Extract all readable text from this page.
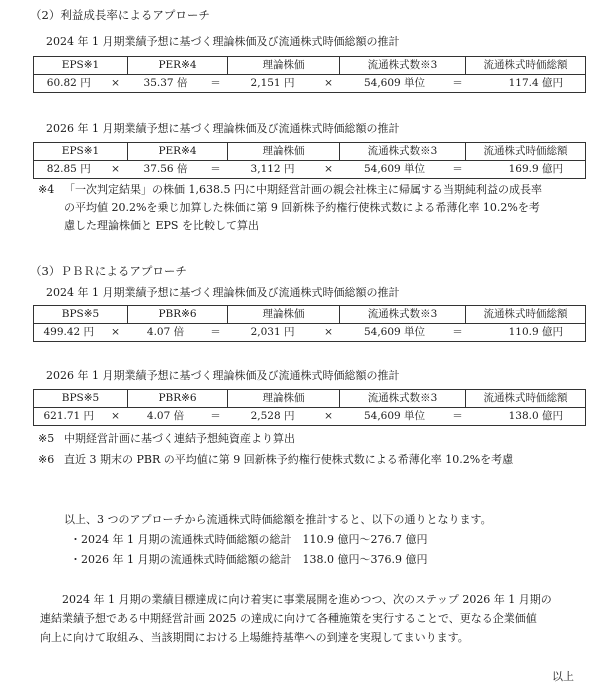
（2）利益成長率によるアプローチ
2024 年 1 月期業績予想に基づく理論株価及び流通株式時価総額の推計
EPS※1		PER※4		理論株価		流通株式数※3		流通株式時価総額
60.82 円	×	35.37 倍	＝	2,151 円	×	54,609 単位	＝	117.4 億円
2026 年 1 月期業績予想に基づく理論株価及び流通株式時価総額の推計
EPS※1		PER※4		理論株価		流通株式数※3		流通株式時価総額
82.85 円	×	37.56 倍	＝	3,112 円	×	54,609 単位	＝	169.9 億円
※4 「一次判定結果」の株価 1,638.5 円に中期経営計画の親会社株主に帰属する当期純利益の成長率
の平均値 20.2%を乗じ加算した株価に第 9 回新株予約権行使株式数による希薄化率 10.2%を考
慮した理論株価と EPS を比較して算出
（3）ＰＢＲによるアプローチ
2024 年 1 月期業績予想に基づく理論株価及び流通株式時価総額の推計
BPS※5		PBR※6		理論株価		流通株式数※3		流通株式時価総額
499.42 円	×	4.07 倍	＝	2,031 円	×	54,609 単位	＝	110.9 億円
2026 年 1 月期業績予想に基づく理論株価及び流通株式時価総額の推計
BPS※5		PBR※6		理論株価		流通株式数※3		流通株式時価総額
621.71 円	×	4.07 倍	＝	2,528 円	×	54,609 単位	＝	138.0 億円
※5 中期経営計画に基づく連結予想純資産より算出
※6 直近 3 期末の PBR の平均値に第 9 回新株予約権行使株式数による希薄化率 10.2%を考慮
以上、3 つのアプローチから流通株式時価総額を推計すると、以下の通りとなります。
・2024 年 1 月期の流通株式時価総額の総計　110.9 億円～276.7 億円
・2026 年 1 月期の流通株式時価総額の総計　138.0 億円～376.9 億円
2024 年 1 月期の業績目標達成に向け着実に事業展開を進めつつ、次のステップ 2026 年 1 月期の
連結業績予想である中期経営計画 2025 の達成に向けて各種施策を実行することで、更なる企業価値
向上に向けて取組み、当該期間における上場維持基準への到達を実現してまいります。
以上
